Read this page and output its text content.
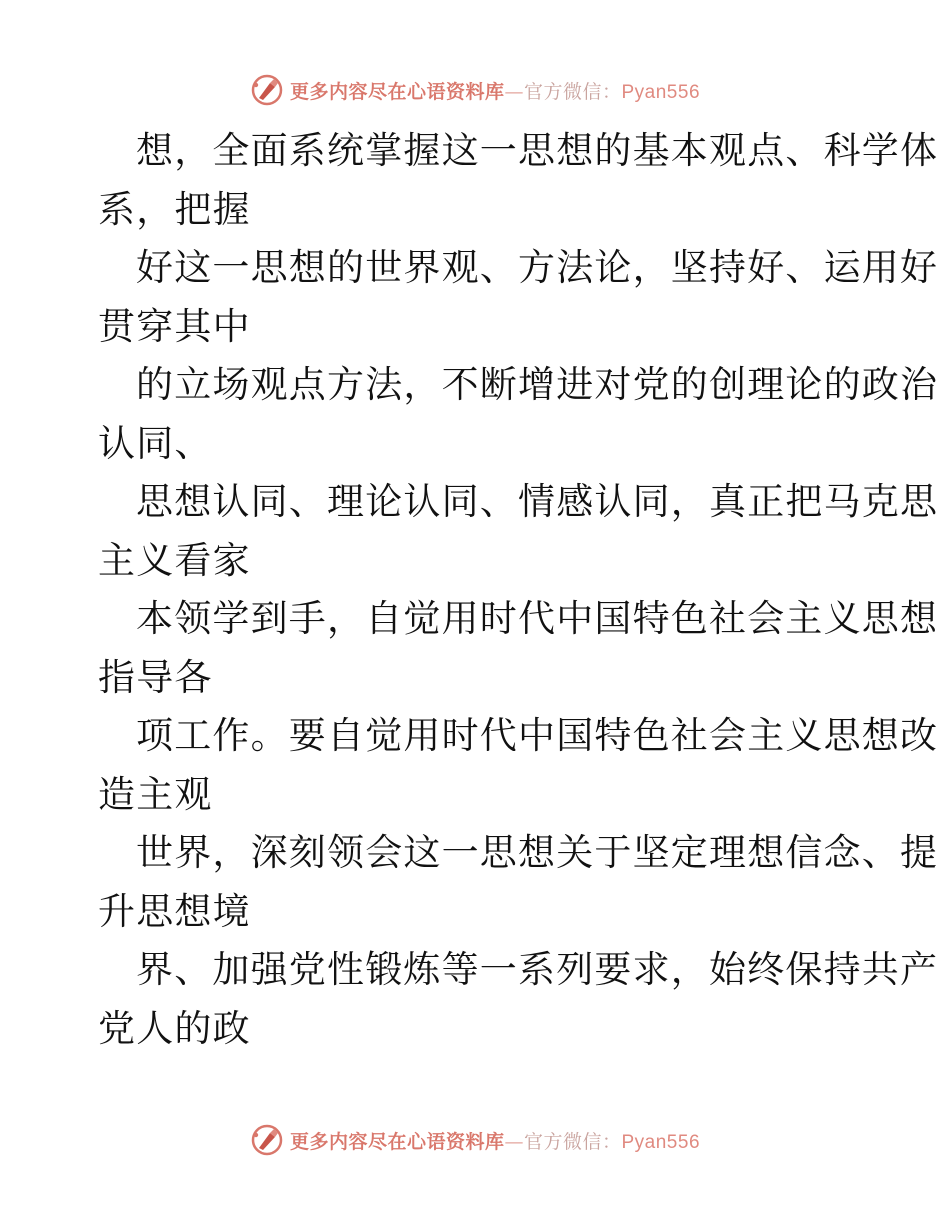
更多内容尽在心语资料库—官方微信：Pyan556
想，全面系统掌握这一思想的基本观点、科学体
系，把握
好这一思想的世界观、方法论，坚持好、运用好
贯穿其中
的立场观点方法，不断增进对党的创理论的政治
认同、
思想认同、理论认同、情感认同，真正把马克思
主义看家
本领学到手，自觉用时代中国特色社会主义思想
指导各
项工作。要自觉用时代中国特色社会主义思想改
造主观
世界，深刻领会这一思想关于坚定理想信念、提
升思想境
界、加强党性锻炼等一系列要求，始终保持共产
党人的政
更多内容尽在心语资料库—官方微信：Pyan556
